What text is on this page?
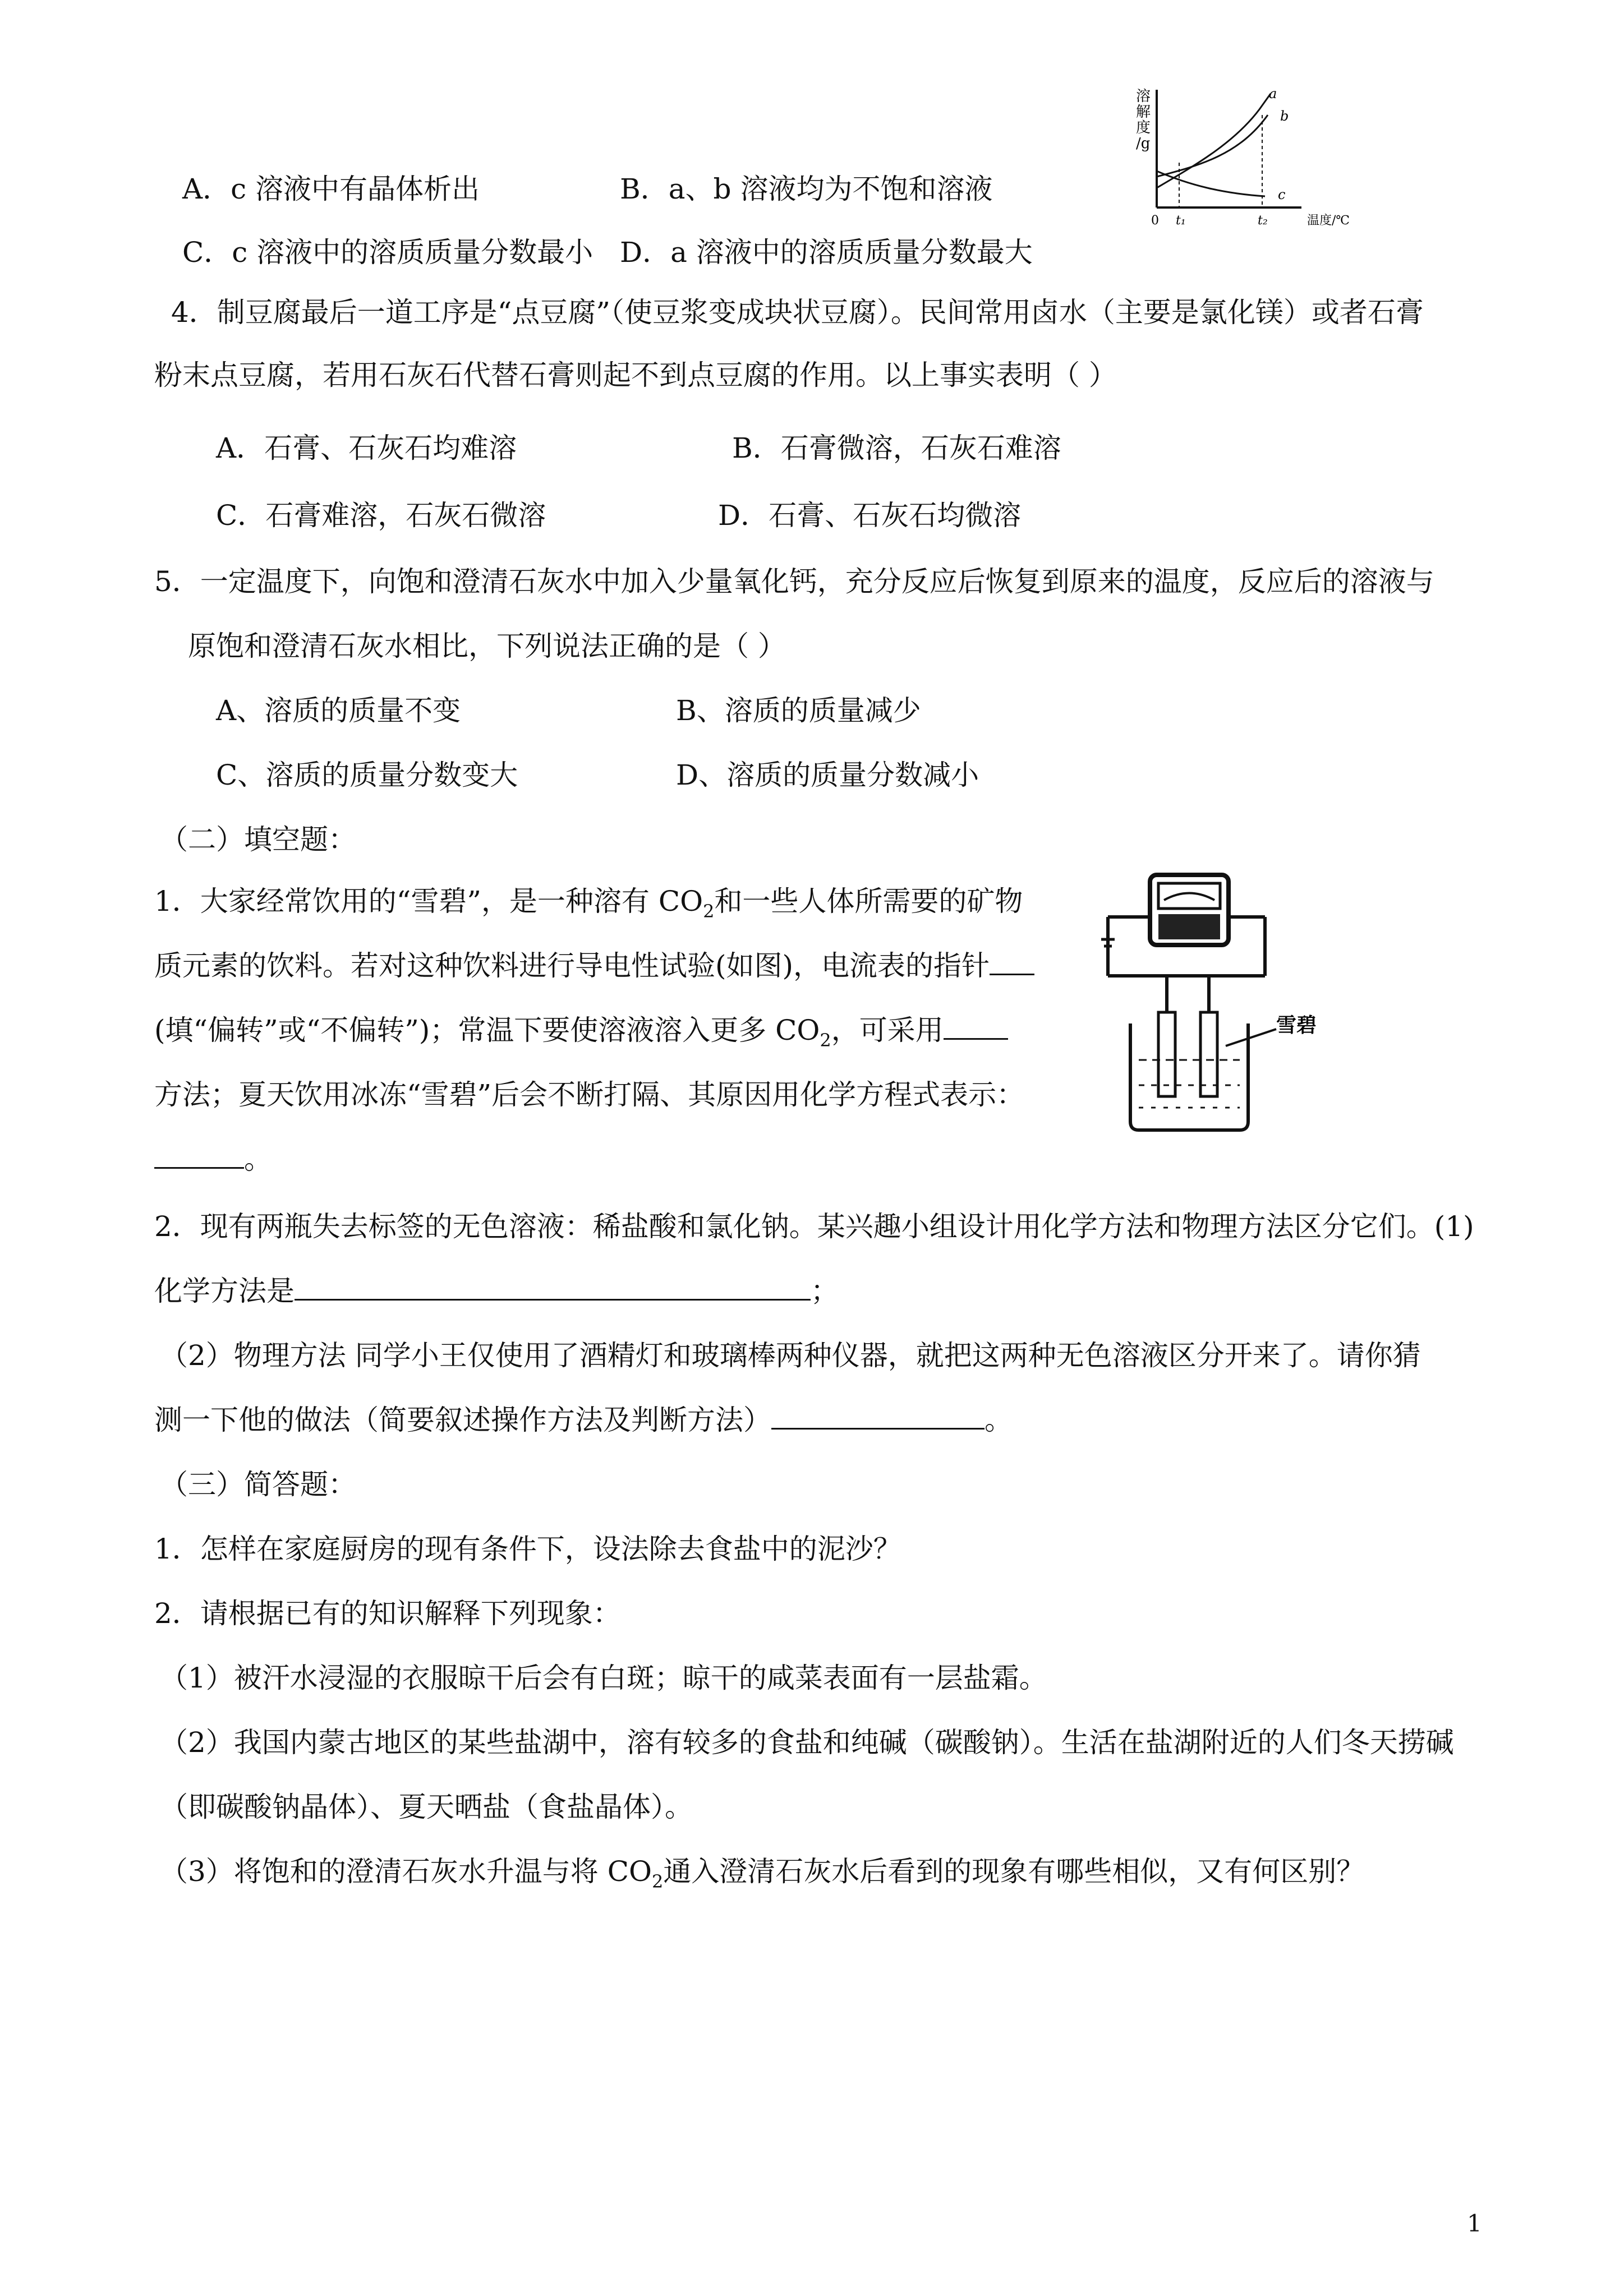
A．c 溶液中有晶体析出	B．a、b 溶液均为不饱和溶液
C．c 溶液中的溶质质量分数最小 D．a 溶液中的溶质质量分数最大
溶
解
度
/g
a
b
c
0 t₁	t₂	温度/℃
4．制豆腐最后一道工序是“点豆腐”（使豆浆变成块状豆腐）。民间常用卤水（主要是氯化镁）或者石膏
粉末点豆腐，若用石灰石代替石膏则起不到点豆腐的作用。以上事实表明（ ）
A．石膏、石灰石均难溶	B．石膏微溶，石灰石难溶
C．石膏难溶，石灰石微溶	D．石膏、石灰石均微溶
5．一定温度下，向饱和澄清石灰水中加入少量氧化钙，充分反应后恢复到原来的温度，反应后的溶液与
原饱和澄清石灰水相比，下列说法正确的是（ ）
A、溶质的质量不变	B、溶质的质量减少
C、溶质的质量分数变大	D、溶质的质量分数减小
（二）填空题：
1．大家经常饮用的“雪碧”，是一种溶有 $CO_2$和一些人体所需要的矿物
质元素的饮料。若对这种饮料进行导电性试验(如图)，电流表的指针
(填“偏转”或“不偏转”)；常温下要使溶液溶入更多 $CO_2$，可采用
方法；夏天饮用冰冻“雪碧”后会不断打隔、其原因用化学方程式表示：
。
雪碧
2．现有两瓶失去标签的无色溶液：稀盐酸和氯化钠。某兴趣小组设计用化学方法和物理方法区分它们。(1)
化学方法是	；
（2）物理方法 同学小王仅使用了酒精灯和玻璃棒两种仪器，就把这两种无色溶液区分开来了。请你猜
测一下他的做法（简要叙述操作方法及判断方法）	。
（三）简答题：
1．怎样在家庭厨房的现有条件下，设法除去食盐中的泥沙？
2．请根据已有的知识解释下列现象：
（1）被汗水浸湿的衣服晾干后会有白斑；晾干的咸菜表面有一层盐霜。
（2）我国内蒙古地区的某些盐湖中，溶有较多的食盐和纯碱（碳酸钠）。生活在盐湖附近的人们冬天捞碱
（即碳酸钠晶体）、夏天晒盐（食盐晶体）。
（3）将饱和的澄清石灰水升温与将 $CO_2$通入澄清石灰水后看到的现象有哪些相似，又有何区别？
1
